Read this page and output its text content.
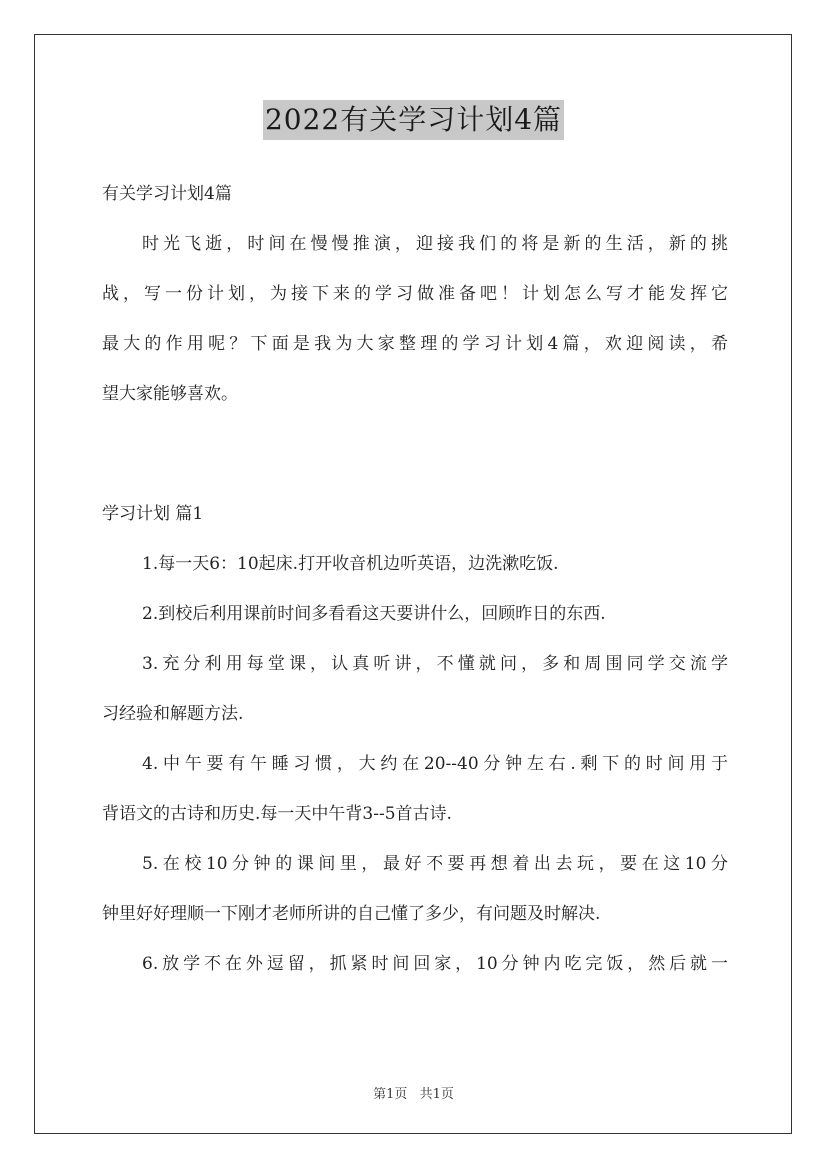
2022有关学习计划4篇
有关学习计划4篇
时光飞逝，时间在慢慢推演，迎接我们的将是新的生活，新的挑
战，写一份计划，为接下来的学习做准备吧！计划怎么写才能发挥它
最大的作用呢？下面是我为大家整理的学习计划4篇，欢迎阅读，希
望大家能够喜欢。
学习计划 篇1
1.每一天6：10起床.打开收音机边听英语，边洗漱吃饭.
2.到校后利用课前时间多看看这天要讲什么，回顾昨日的东西.
3.充分利用每堂课，认真听讲，不懂就问，多和周围同学交流学
习经验和解题方法.
4.中午要有午睡习惯，大约在20--40分钟左右.剩下的时间用于
背语文的古诗和历史.每一天中午背3--5首古诗.
5.在校10分钟的课间里，最好不要再想着出去玩，要在这10分
钟里好好理顺一下刚才老师所讲的自己懂了多少，有问题及时解决.
6.放学不在外逗留，抓紧时间回家，10分钟内吃完饭，然后就一
第1页 共1页
